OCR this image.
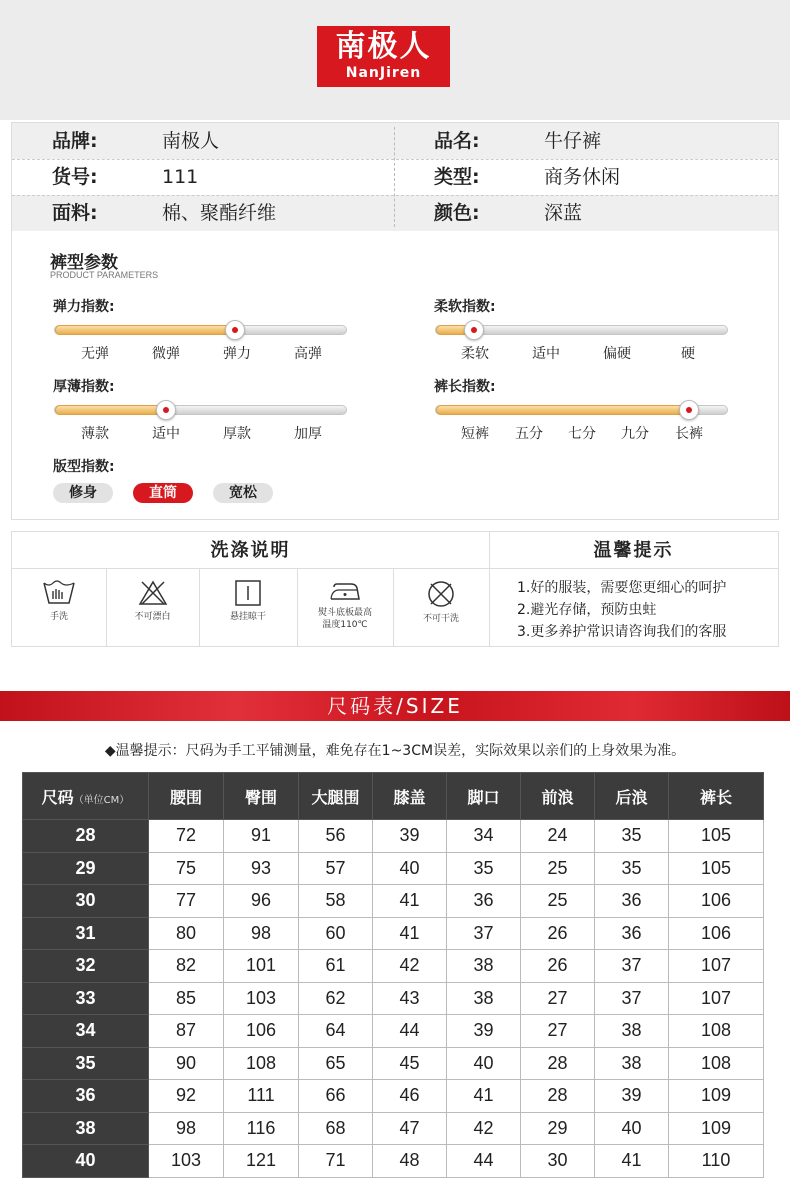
南极人
NanJiren
品牌:	南极人	品名:	牛仔裤
货号:	111	类型:	商务休闲
面料:	棉、聚酯纤维	颜色:	深蓝
裤型参数
PRODUCT PARAMETERS
弹力指数:
无弹	微弹	弹力	高弹
柔软指数:
柔软	适中	偏硬	硬
厚薄指数:
薄款	适中	厚款	加厚
裤长指数:
短裤	五分	七分	九分	长裤
版型指数:
修身	直筒	宽松
洗涤说明	温馨提示
手洗	不可漂白	悬挂晾干	熨斗底板最高
温度110℃
不可干洗
1.好的服装，需要您更细心的呵护
2.避光存储，预防虫蛀
3.更多养护常识请咨询我们的客服
尺码表/SIZE
◆温馨提示：尺码为手工平铺测量，难免存在1~3CM误差，实际效果以亲们的上身效果为准。
尺码（单位CM）	腰围	臀围	大腿围	膝盖	脚口	前浪	后浪	裤长
28	72	91	56	39	34	24	35	105
29	75	93	57	40	35	25	35	105
30	77	96	58	41	36	25	36	106
31	80	98	60	41	37	26	36	106
32	82	101	61	42	38	26	37	107
33	85	103	62	43	38	27	37	107
34	87	106	64	44	39	27	38	108
35	90	108	65	45	40	28	38	108
36	92	111	66	46	41	28	39	109
38	98	116	68	47	42	29	40	109
40	103	121	71	48	44	30	41	110
